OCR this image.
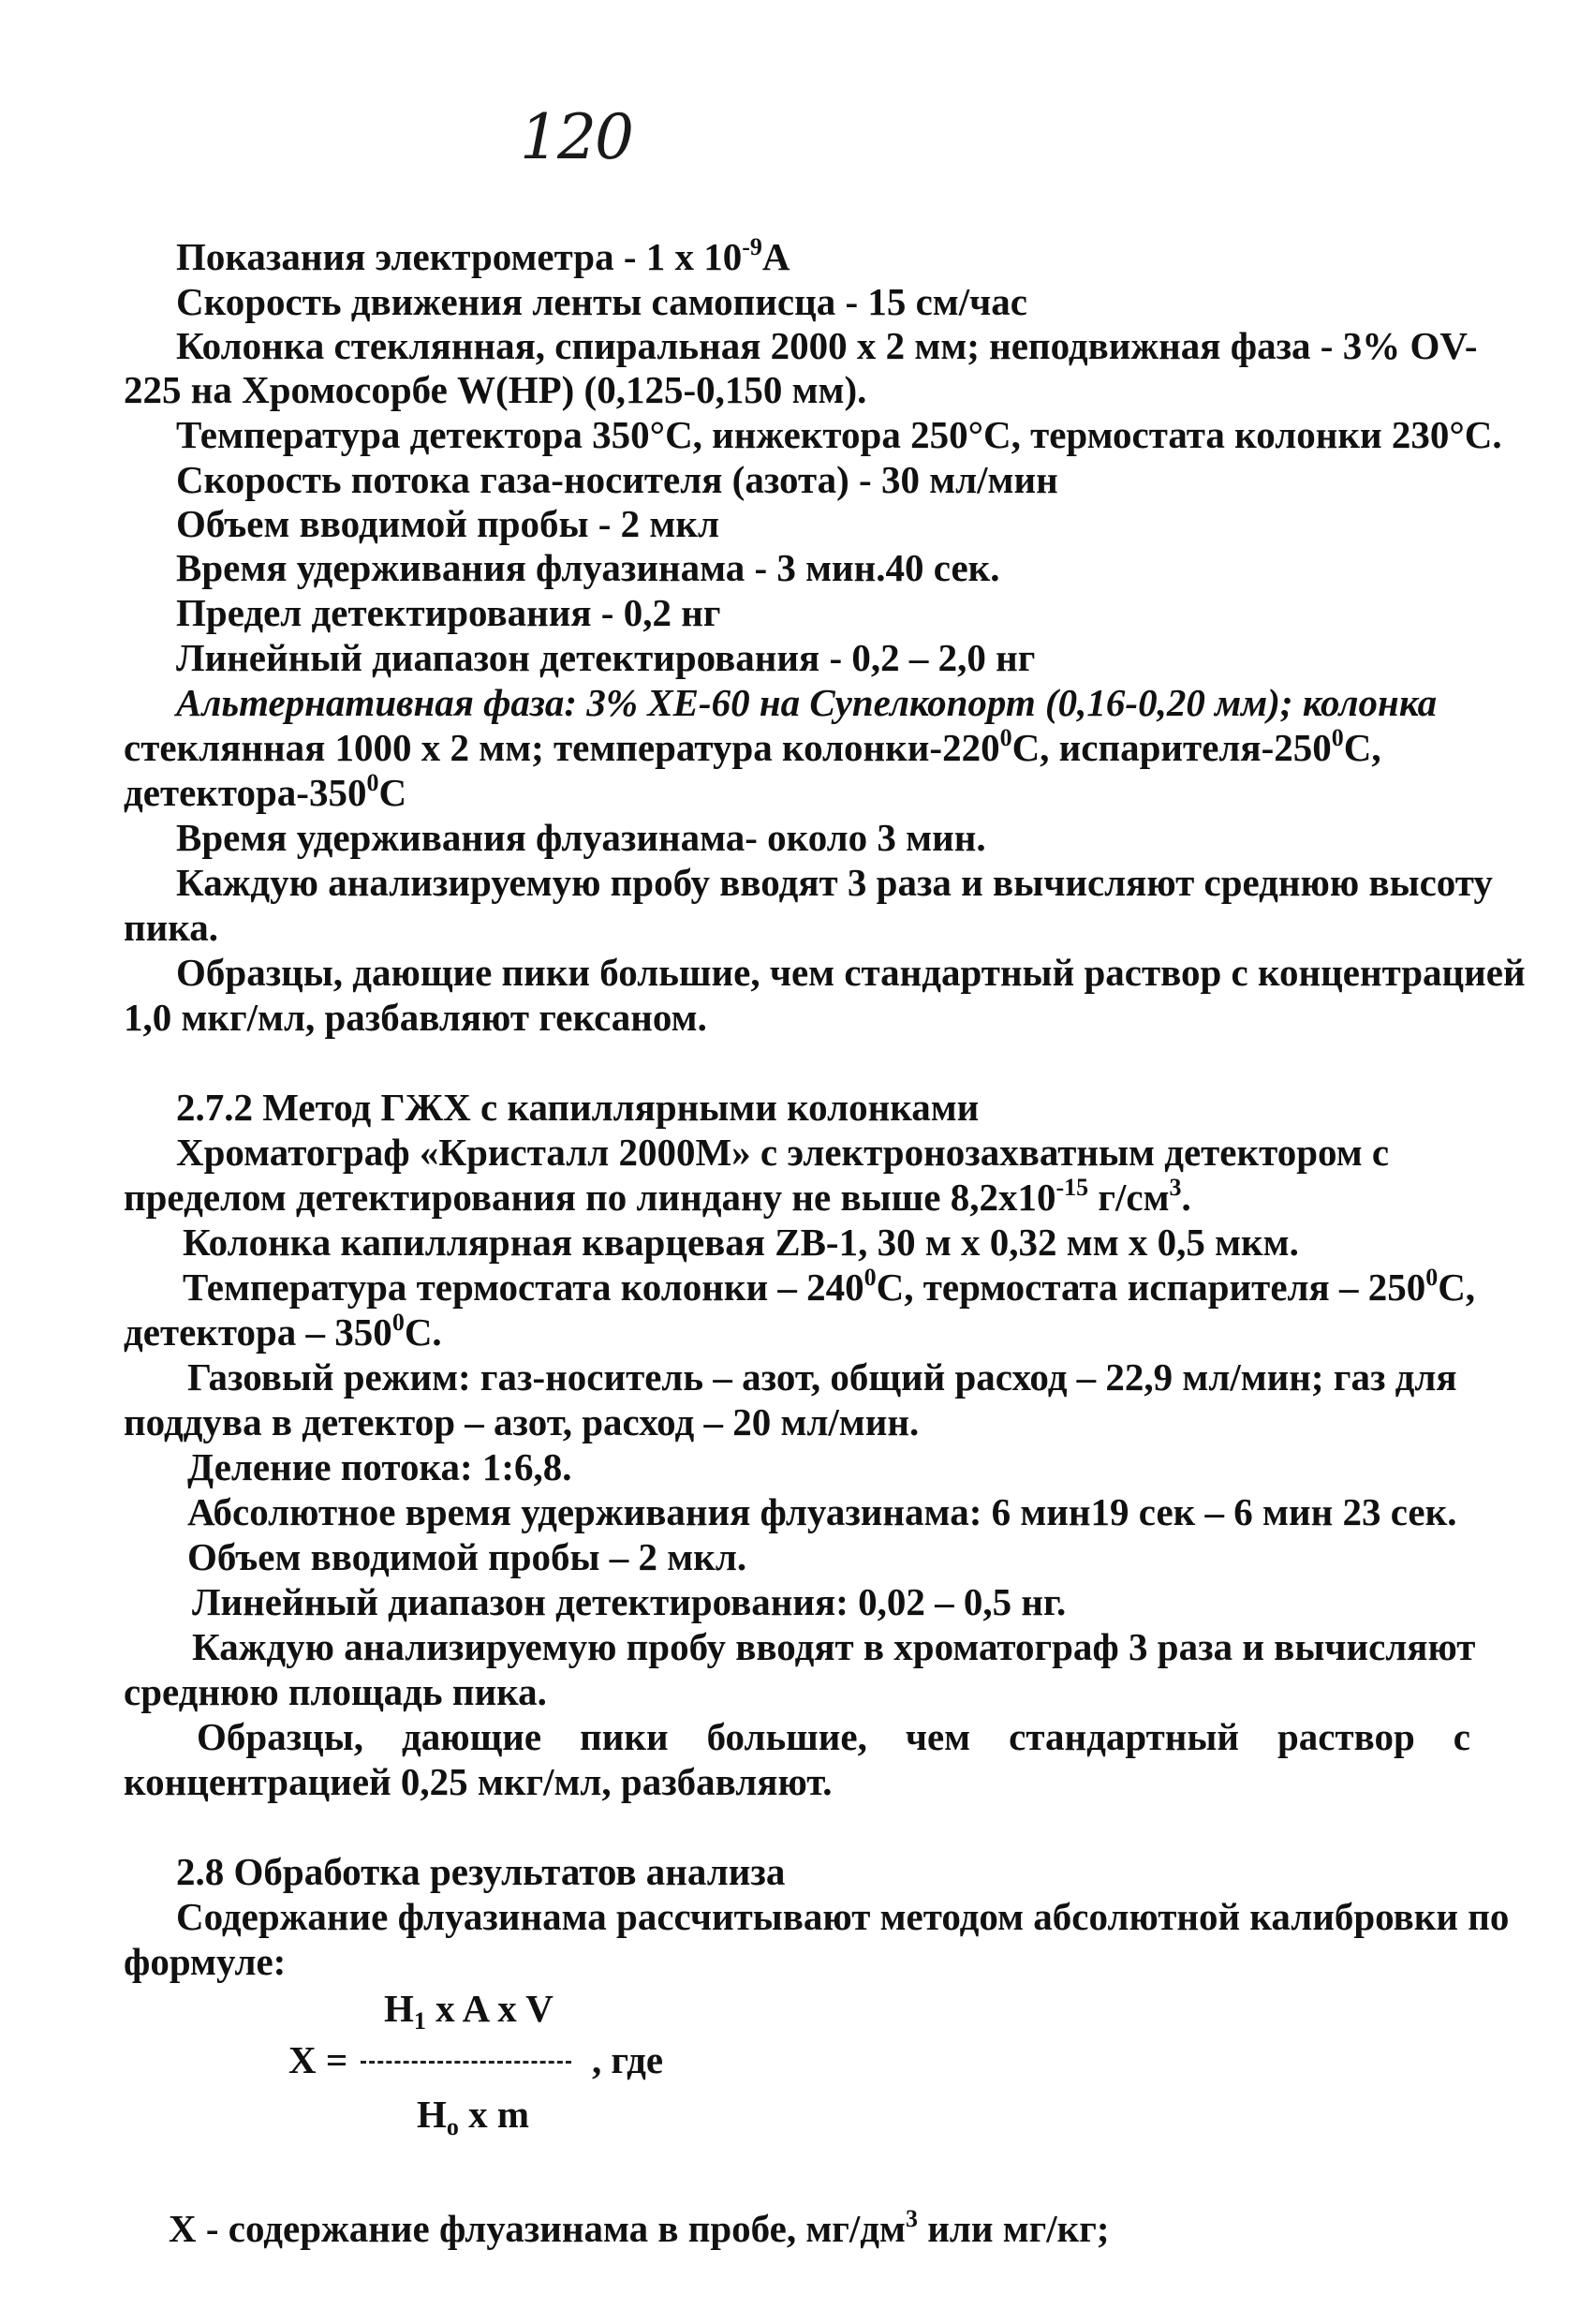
120
Показания электрометра - 1 х $10^{-9}A$
Скорость движения ленты самописца - 15 см/час
Колонка стеклянная, спиральная 2000 х 2 мм; неподвижная фаза - 3% OV-
225 на Хромосорбе W(HP) (0,125-0,150 мм).
Температура детектора 350°С, инжектора 250°С, термостата колонки 230°С.
Скорость потока газа-носителя (азота) - 30 мл/мин
Объем вводимой пробы - 2 мкл
Время удерживания флуазинама - 3 мин.40 сек.
Предел детектирования - 0,2 нг
Линейный диапазон детектирования - 0,2 – 2,0 нг
Альтернативная фаза: 3% XE-60 на Супелкопорт (0,16-0,20 мм); колонка
стеклянная 1000 х 2 мм; температура колонки-$220^0С$, испарителя-$250^0С$,
детектора-$350^0С$
Время удерживания флуазинама- около 3 мин.
Каждую анализируемую пробу вводят 3 раза и вычисляют среднюю высоту
пика.
Образцы, дающие пики большие, чем стандартный раствор с концентрацией
1,0 мкг/мл, разбавляют гексаном.
2.7.2 Метод ГЖХ с капиллярными колонками
Хроматограф «Кристалл 2000М» с электронозахватным детектором с
пределом детектирования по линдану не выше $8,2х10^{-15}$ $г/см^3$.
Колонка капиллярная кварцевая ZB-1, 30 м х 0,32 мм х 0,5 мкм.
Температура термостата колонки – $240^0С$, термостата испарителя – $250^0С$,
детектора – $350^0С$.
Газовый режим: газ-носитель – азот, общий расход – 22,9 мл/мин; газ для
поддува в детектор – азот, расход – 20 мл/мин.
Деление потока: 1:6,8.
Абсолютное время удерживания флуазинама: 6 мин19 сек – 6 мин 23 сек.
Объем вводимой пробы – 2 мкл.
Линейный диапазон детектирования: 0,02 – 0,5 нг.
Каждую анализируемую пробу вводят в хроматограф 3 раза и вычисляют
среднюю площадь пика.
Образцы, дающие пики большие, чем стандартный раствор с
концентрацией 0,25 мкг/мл, разбавляют.
2.8 Обработка результатов анализа
Содержание флуазинама рассчитывают методом абсолютной калибровки по
формуле:
$H_1$ x A x V
X =	, где
$H_o$ x m
X - содержание флуазинама в пробе, $мг/дм^3$ или мг/кг;
